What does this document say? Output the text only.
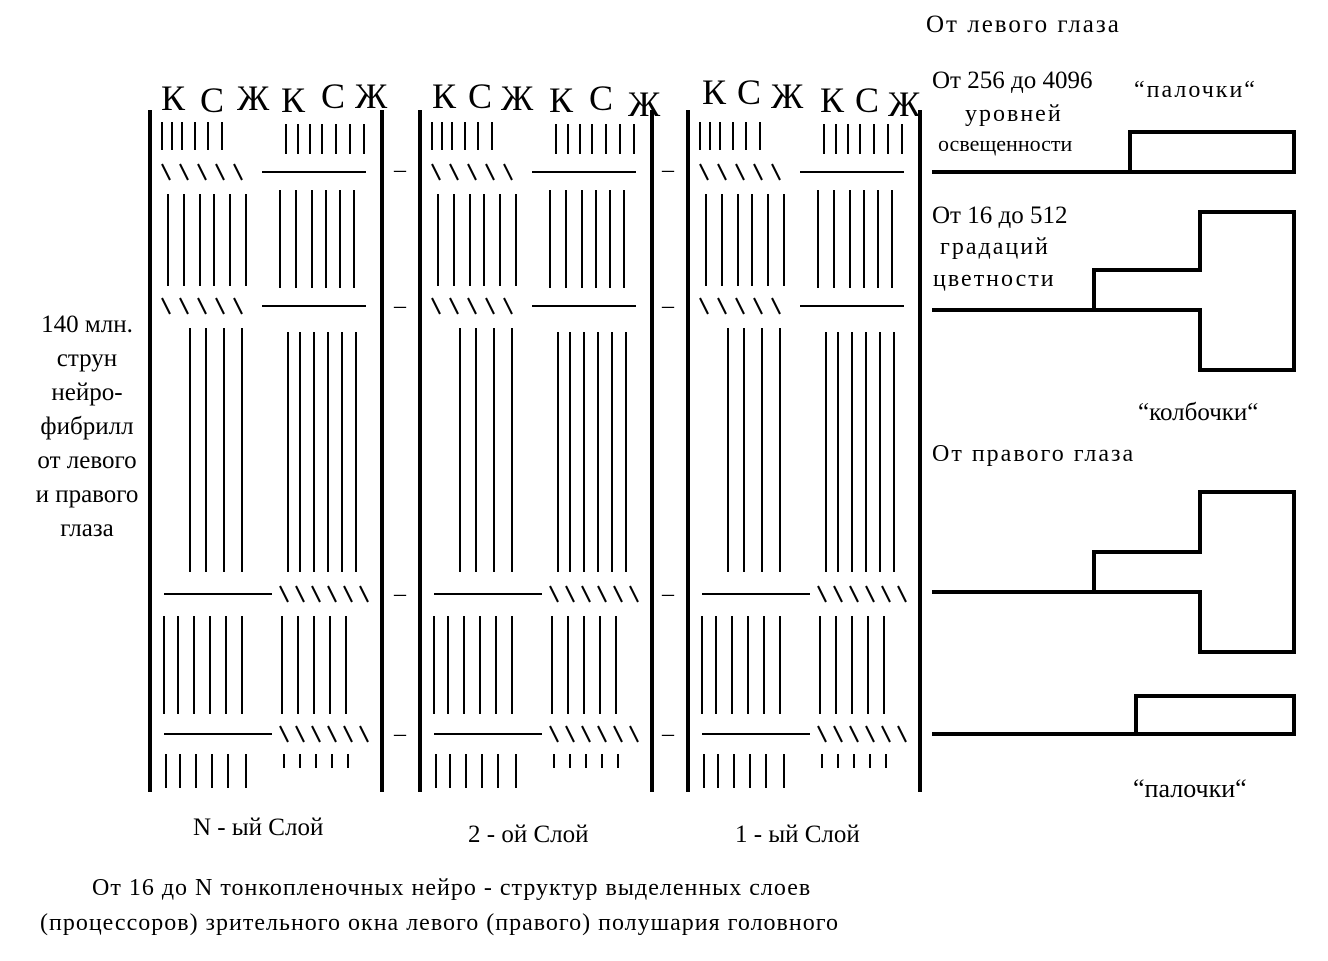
От левого глаза
140 млн.
струн
нейро-
фибрилл
от левого
и правого
глаза
К С Ж К С Ж К С Ж К С Ж К С Ж К С Ж
–
–
–
–
–
–
–
–
N - ый Слой	2 - ой Слой	1 - ый Слой
От 256 до 4096
уровней
освещенности
“палочки“
От 16 до 512
градаций
цветности
“колбочки“
От правого глаза
“палочки“
От 16 до N тонкопленочных нейро - структур выделенных слоев
(процессоров) зрительного окна левого (правого) полушария головного
